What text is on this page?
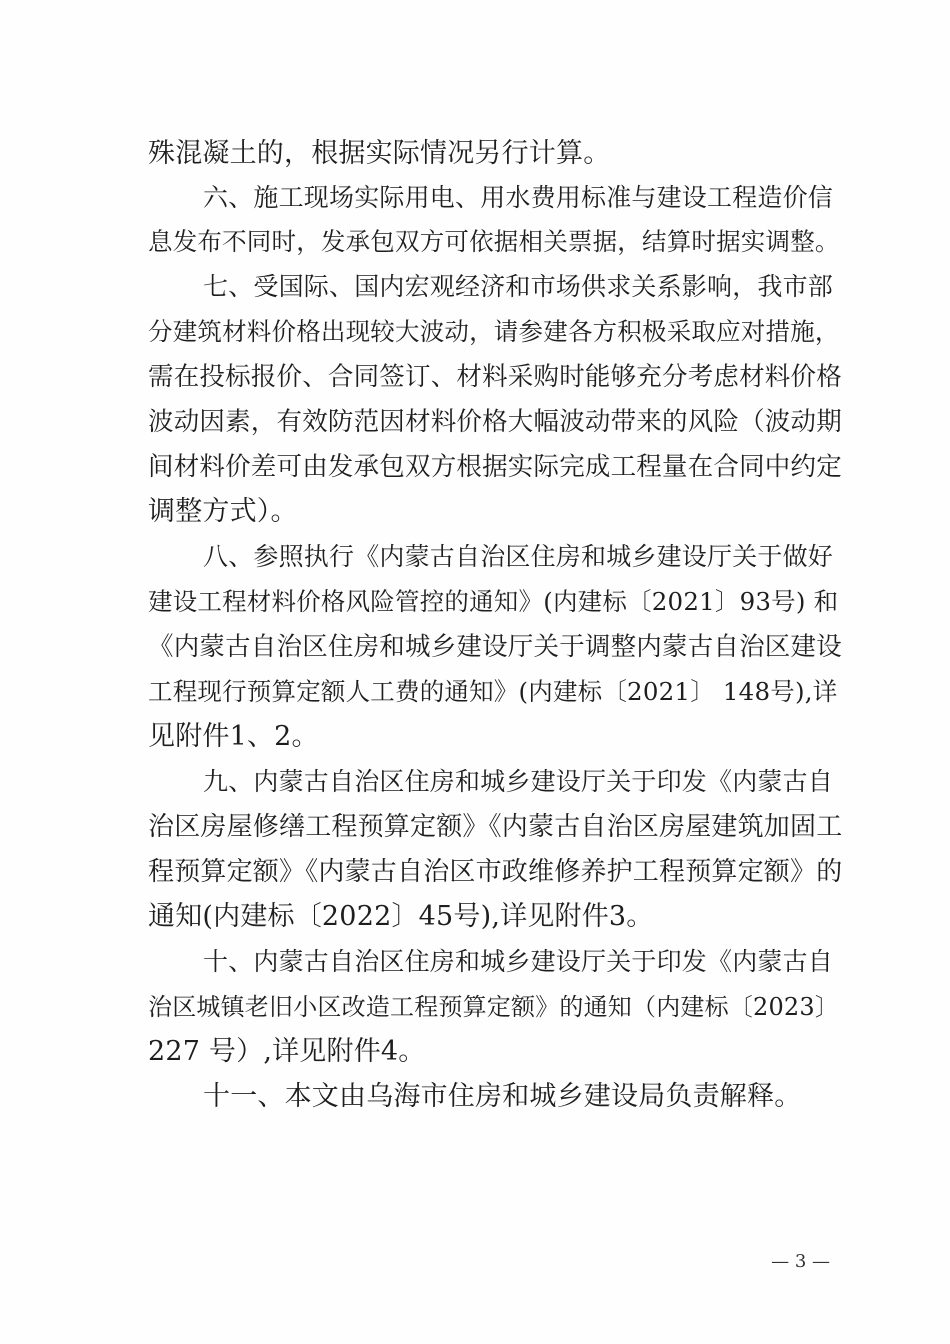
殊混凝土的，根据实际情况另行计算。
六、施工现场实际用电、用水费用标准与建设工程造价信
息发布不同时，发承包双方可依据相关票据，结算时据实调整。
七、受国际、国内宏观经济和市场供求关系影响，我市部
分建筑材料价格出现较大波动，请参建各方积极采取应对措施，
需在投标报价、合同签订、材料采购时能够充分考虑材料价格
波动因素，有效防范因材料价格大幅波动带来的风险（波动期
间材料价差可由发承包双方根据实际完成工程量在合同中约定
调整方式）。
八、参照执行《内蒙古自治区住房和城乡建设厅关于做好
建设工程材料价格风险管控的通知》(内建标〔2021〕93号) 和
《内蒙古自治区住房和城乡建设厅关于调整内蒙古自治区建设
工程现行预算定额人工费的通知》(内建标〔2021〕 148号),详
见附件1、2。
九、内蒙古自治区住房和城乡建设厅关于印发《内蒙古自
治区房屋修缮工程预算定额》《内蒙古自治区房屋建筑加固工
程预算定额》《内蒙古自治区市政维修养护工程预算定额》的
通知(内建标〔2022〕45号),详见附件3。
十、内蒙古自治区住房和城乡建设厅关于印发《内蒙古自
治区城镇老旧小区改造工程预算定额》的通知（内建标〔2023〕
227 号）,详见附件4。
十一、本文由乌海市住房和城乡建设局负责解释。
— 3 —
